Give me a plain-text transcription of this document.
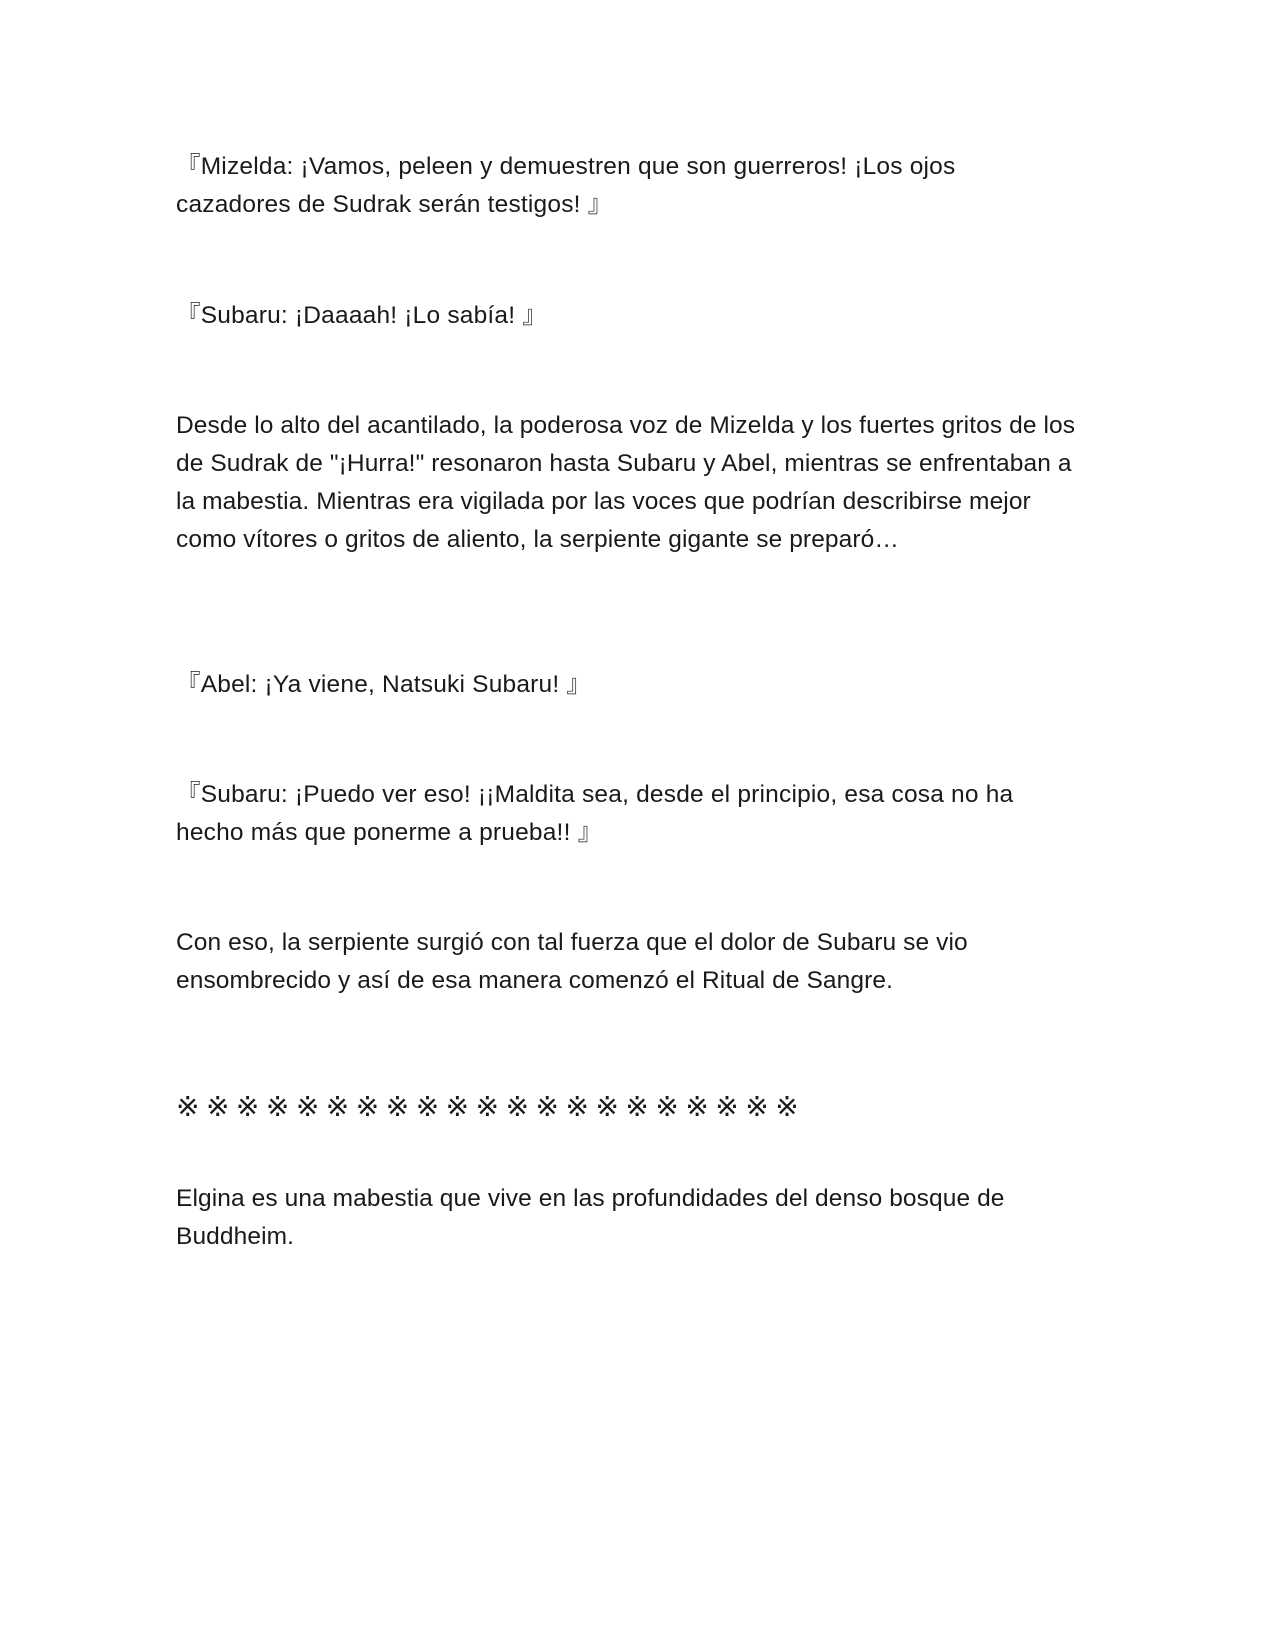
『Mizelda: ¡Vamos, peleen y demuestren que son guerreros! ¡Los ojos cazadores de Sudrak serán testigos! 』

『Subaru: ¡Daaaah! ¡Lo sabía! 』

Desde lo alto del acantilado, la poderosa voz de Mizelda y los fuertes gritos de los de Sudrak de "¡Hurra!" resonaron hasta Subaru y Abel, mientras se enfrentaban a la mabestia. Mientras era vigilada por las voces que podrían describirse mejor como vítores o gritos de aliento, la serpiente gigante se preparó…

『Abel: ¡Ya viene, Natsuki Subaru! 』

『Subaru: ¡Puedo ver eso! ¡¡Maldita sea, desde el principio, esa cosa no ha hecho más que ponerme a prueba!! 』

Con eso, la serpiente surgió con tal fuerza que el dolor de Subaru se vio ensombrecido y así de esa manera comenzó el Ritual de Sangre.

※※※※※※※※※※※※※※※※※※※※※

Elgina es una mabestia que vive en las profundidades del denso bosque de Buddheim.
